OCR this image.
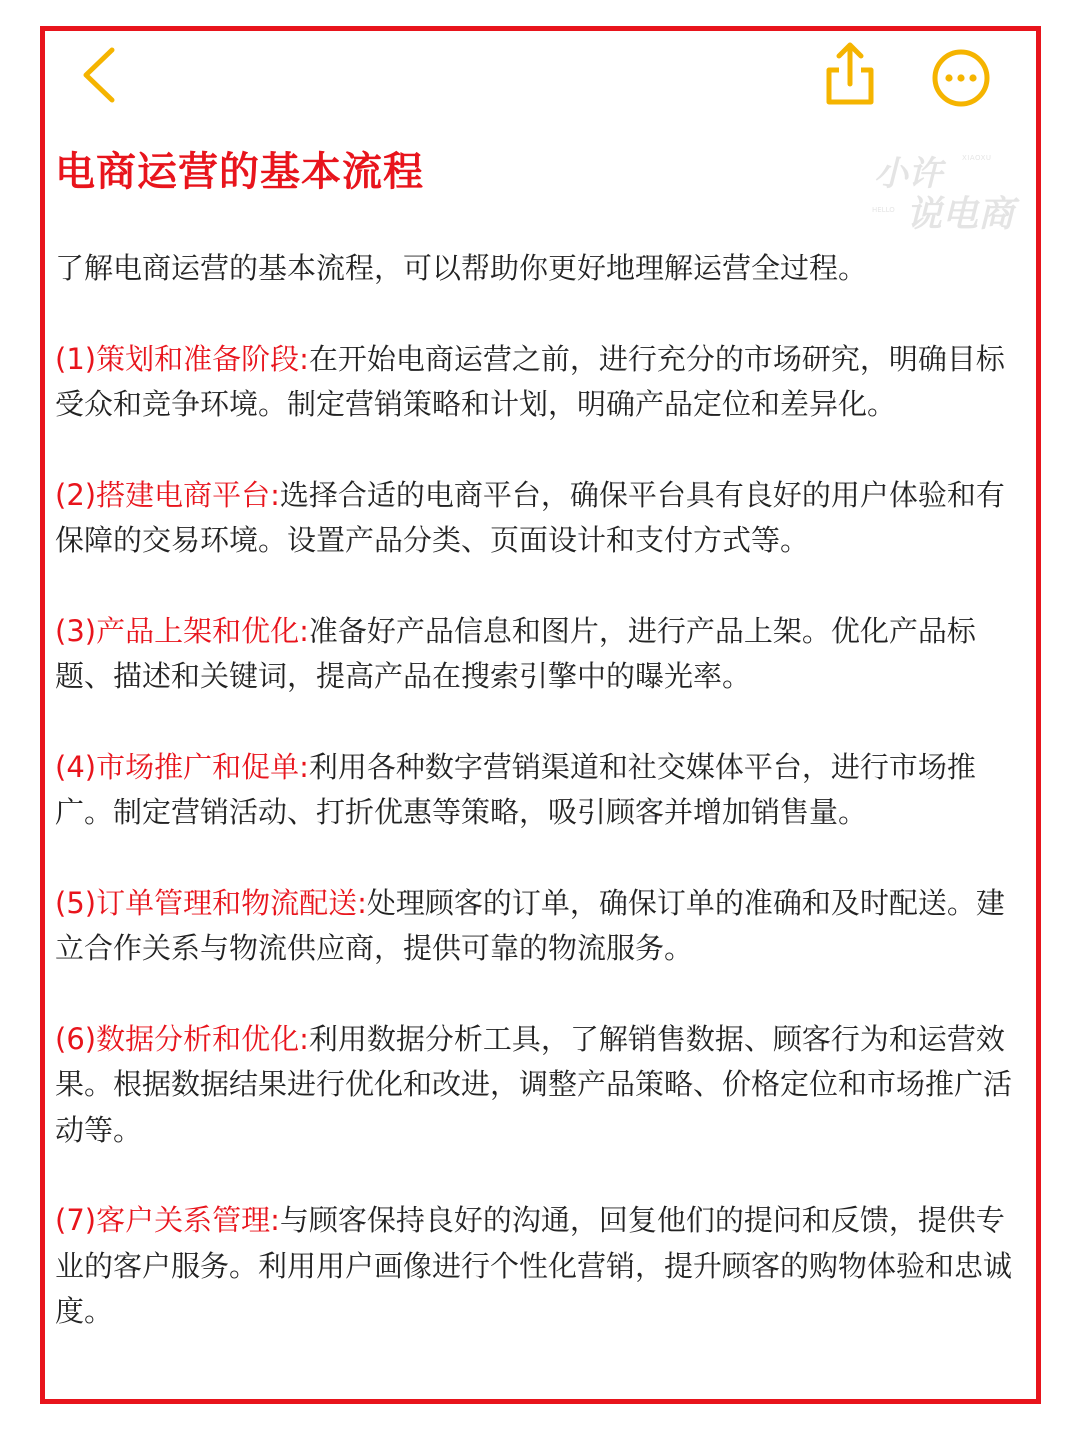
电商运营的基本流程	小许	XIAOXU
说电商
HELLO

了解电商运营的基本流程，可以帮助你更好地理解运营全过程。

(1)策划和准备阶段:在开始电商运营之前，进行充分的市场研究，明确目标受众和竞争环境。制定营销策略和计划，明确产品定位和差异化。

(2)搭建电商平台:选择合适的电商平台，确保平台具有良好的用户体验和有保障的交易环境。设置产品分类、页面设计和支付方式等。

(3)产品上架和优化:准备好产品信息和图片，进行产品上架。优化产品标题、描述和关键词，提高产品在搜索引擎中的曝光率。

(4)市场推广和促单:利用各种数字营销渠道和社交媒体平台，进行市场推广。制定营销活动、打折优惠等策略，吸引顾客并增加销售量。

(5)订单管理和物流配送:处理顾客的订单，确保订单的准确和及时配送。建立合作关系与物流供应商，提供可靠的物流服务。

(6)数据分析和优化:利用数据分析工具，了解销售数据、顾客行为和运营效果。根据数据结果进行优化和改进，调整产品策略、价格定位和市场推广活动等。

(7)客户关系管理:与顾客保持良好的沟通，回复他们的提问和反馈，提供专业的客户服务。利用用户画像进行个性化营销，提升顾客的购物体验和忠诚度。
